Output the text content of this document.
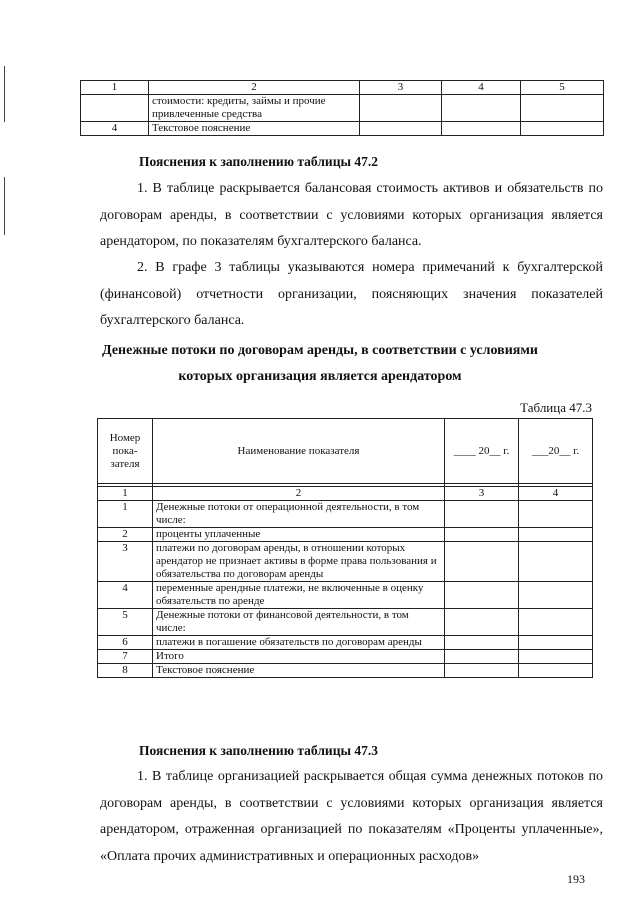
1	2	3	4	5
	стоимости: кредиты, займы и прочие привлеченные средства			
4	Текстовое пояснение			
Пояснения к заполнению таблицы 47.2

1. В таблице раскрывается балансовая стоимость активов и обязательств по договорам аренды, в соответствии с условиями которых организация является арендатором, по показателям бухгалтерского баланса.

2. В графе 3 таблицы указываются номера примечаний к бухгалтерской (финансовой) отчетности организации, поясняющих значения показателей бухгалтерского баланса.

Денежные потоки по договорам аренды, в соответствии с условиями
которых организация является арендатором
Таблица 47.3
Номер пока-зателя	Наименование показателя	____ 20__ г.	___20__ г.

1	2	3	4
1	Денежные потоки от операционной деятельности, в том числе:		
2	проценты уплаченные		
3	платежи по договорам аренды, в отношении которых арендатор не признает активы в форме права пользования и обязательства по договорам аренды		
4	переменные арендные платежи, не включенные в оценку обязательств по аренде		
5	Денежные потоки от финансовой деятельности, в том числе:		
6	платежи в погашение обязательств по договорам аренды		
7	Итого		
8	Текстовое пояснение		
Пояснения к заполнению таблицы 47.3

1. В таблице организацией раскрывается общая сумма денежных потоков по договорам аренды, в соответствии с условиями которых организация является арендатором, отраженная организацией по показателям «Проценты уплаченные», «Оплата прочих административных и операционных расходов»

193
